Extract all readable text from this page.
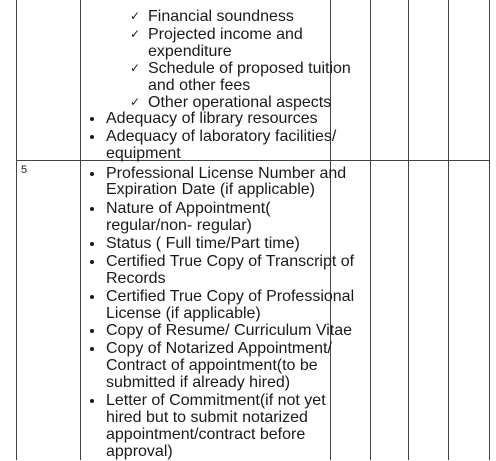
✓ Financial soundness
✓ Projected income and
expenditure
✓ Schedule of proposed tuition
and other fees
✓ Other operational aspects
Adequacy of library resources
Adequacy of laboratory facilities/
equipment
5	Professional License Number and
Expiration Date (if applicable)
Nature of Appointment(
regular/non- regular)
Status ( Full time/Part time)
Certified True Copy of Transcript of
Records
Certified True Copy of Professional
License (if applicable)
Copy of Resume/ Curriculum Vitae
Copy of Notarized Appointment/
Contract of appointment(to be
submitted if already hired)
Letter of Commitment(if not yet
hired but to submit notarized
appointment/contract before
approval)
